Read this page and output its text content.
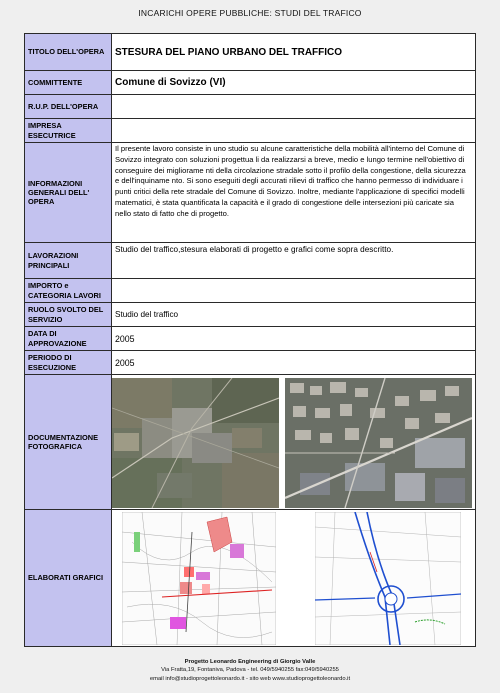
INCARICHI OPERE PUBBLICHE: STUDI DEL TRAFICO
TITOLO DELL'OPERA	STESURA DEL PIANO URBANO DEL TRAFFICO
COMMITTENTE	Comune di Sovizzo (VI)
R.U.P. DELL'OPERA	
IMPRESA ESECUTRICE	
INFORMAZIONI GENERALI DELL' OPERA	Il presente lavoro consiste in uno studio su alcune caratteristiche della mobilità all'interno del Comune di Sovizzo integrato con soluzioni progettua li da realizzarsi a breve, medio e lungo termine nell'obiettivo di conseguire dei migliorame nti della circolazione stradale sotto il profilo della congestione, della sicurezza e dell'inquiname nto. Si sono eseguiti degli accurati rilievi di traffico che hanno permesso di individuare i punti critici della rete stradale del Comune di Sovizzo. Inoltre, mediante l'applicazione di specifici modelli matematici, è stata quantificata la capacità e il grado di congestione delle intersezioni più caricate sia nello stato di fatto che di progetto.
LAVORAZIONI PRINCIPALI	Studio del traffico,stesura elaborati di progetto e grafici come sopra descritto.
IMPORTO e CATEGORIA LAVORI	
RUOLO SVOLTO DEL SERVIZIO	Studio del traffico
DATA DI APPROVAZIONE	2005
PERIODO DI ESECUZIONE	2005
DOCUMENTAZIONE FOTOGRAFICA	

ELABORATI GRAFICI	
Progetto Leonardo Engineering di Giorgio Valle
Via Fratta,19, Fontaniva, Padova - tel. 049/5940255 fax:049/5940255
email info@studioprogettoleonardo.it - sito web www.studioprogettoleonardo.it
